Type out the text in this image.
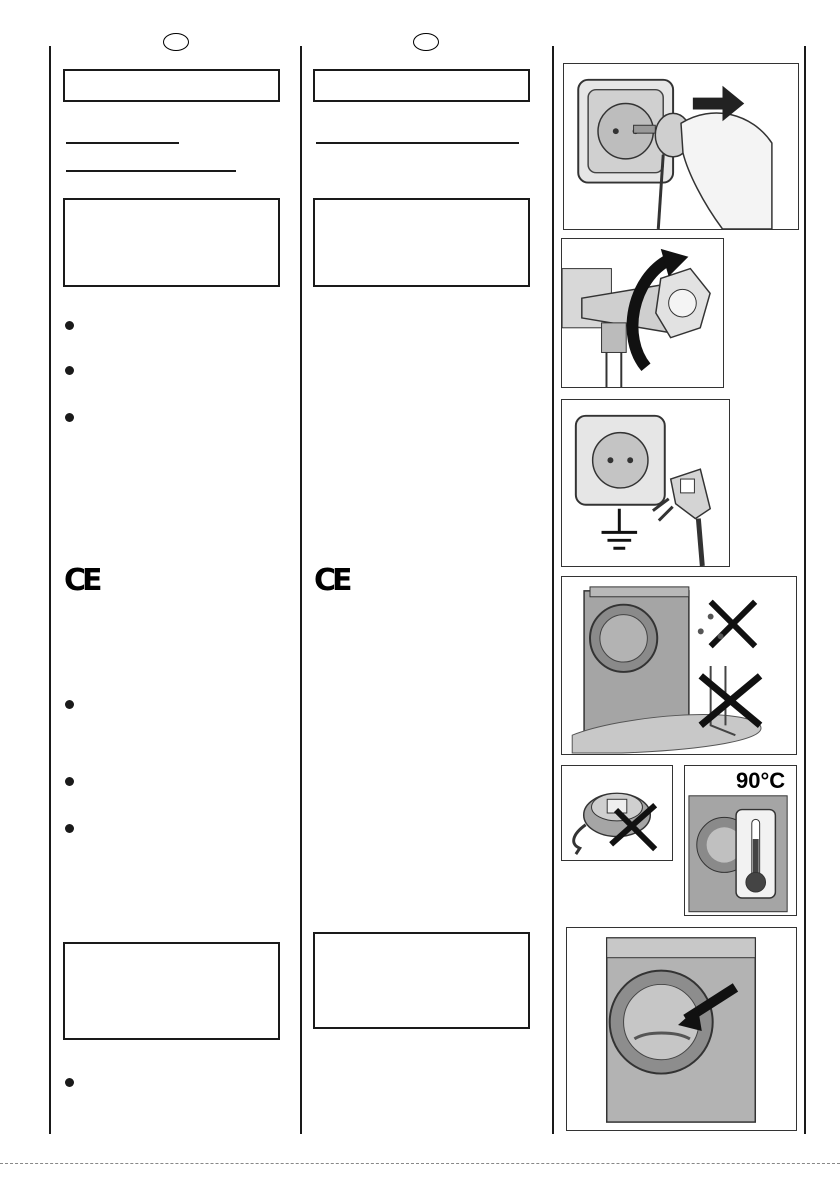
CE	CE
90°C
